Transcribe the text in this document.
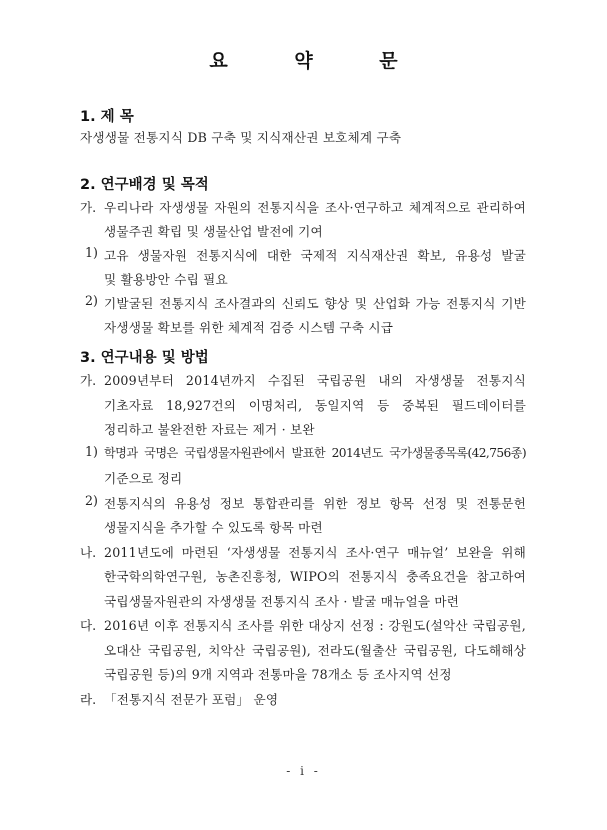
요 약 문
1. 제 목
자생생물 전통지식 DB 구축 및 지식재산권 보호체계 구축
2. 연구배경 및 목적
가. 우리나라 자생생물 자원의 전통지식을 조사·연구하고 체계적으로 관리하여
생물주권 확립 및 생물산업 발전에 기여
1) 고유 생물자원 전통지식에 대한 국제적 지식재산권 확보, 유용성 발굴
및 활용방안 수립 필요
2) 기발굴된 전통지식 조사결과의 신뢰도 향상 및 산업화 가능 전통지식 기반
자생생물 확보를 위한 체계적 검증 시스템 구축 시급
3. 연구내용 및 방법
가. 2009년부터 2014년까지 수집된 국립공원 내의 자생생물 전통지식
기초자료 18,927건의 이명처리, 동일지역 등 중복된 필드데이터를
정리하고 불완전한 자료는 제거 · 보완
1) 학명과 국명은 국립생물자원관에서 발표한 2014년도 국가생물종목록(42,756종)
기준으로 정리
2) 전통지식의 유용성 정보 통합관리를 위한 정보 항목 선정 및 전통문헌
생물지식을 추가할 수 있도록 항목 마련
나. 2011년도에 마련된 ‘자생생물 전통지식 조사·연구 매뉴얼’ 보완을 위해
한국학의학연구원, 농촌진흥청, WIPO의 전통지식 충족요건을 참고하여
국립생물자원관의 자생생물 전통지식 조사 · 발굴 매뉴얼을 마련
다. 2016년 이후 전통지식 조사를 위한 대상지 선정 : 강원도(설악산 국립공원,
오대산 국립공원, 치악산 국립공원), 전라도(월출산 국립공원, 다도해해상
국립공원 등)의 9개 지역과 전통마을 78개소 등 조사지역 선정
라. 「전통지식 전문가 포럼」 운영
- i -
